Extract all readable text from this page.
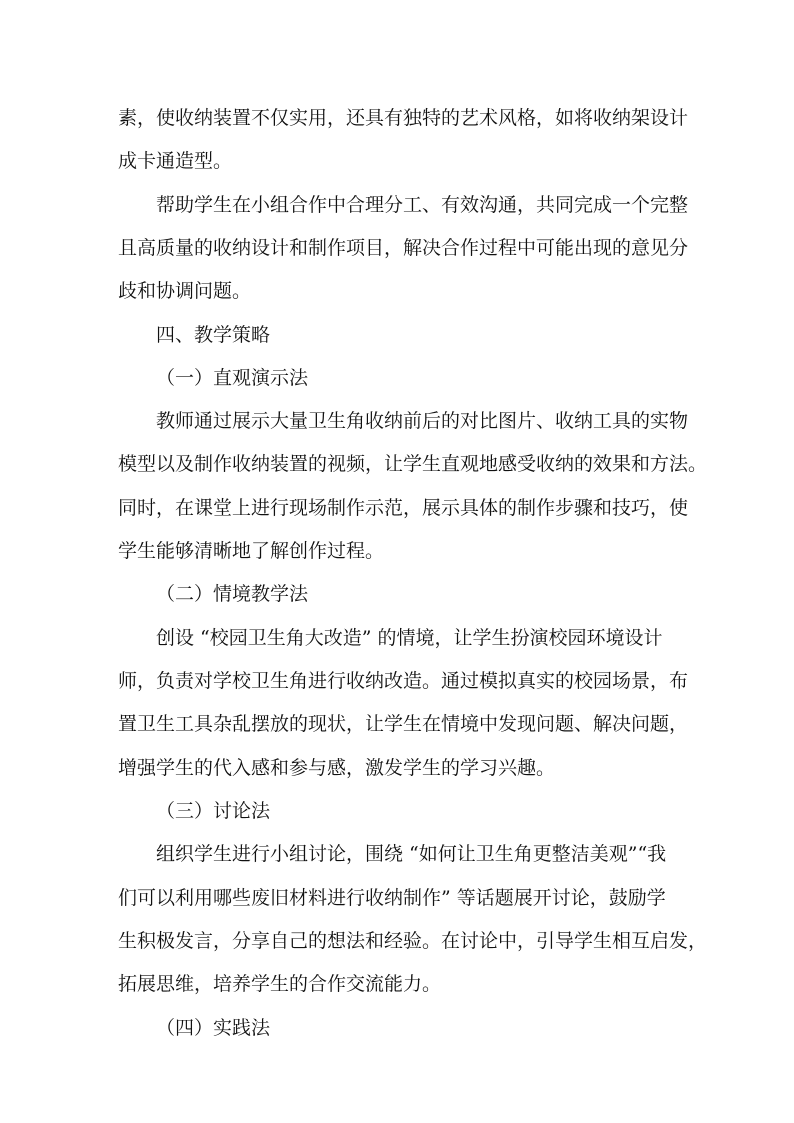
素，使收纳装置不仅实用，还具有独特的艺术风格，如将收纳架设计
成卡通造型。
帮助学生在小组合作中合理分工、有效沟通，共同完成一个完整
且高质量的收纳设计和制作项目，解决合作过程中可能出现的意见分
歧和协调问题。
四、教学策略
（一）直观演示法
教师通过展示大量卫生角收纳前后的对比图片、收纳工具的实物
模型以及制作收纳装置的视频，让学生直观地感受收纳的效果和方法。
同时，在课堂上进行现场制作示范，展示具体的制作步骤和技巧，使
学生能够清晰地了解创作过程。
（二）情境教学法
创设 “校园卫生角大改造” 的情境，让学生扮演校园环境设计
师，负责对学校卫生角进行收纳改造。通过模拟真实的校园场景，布
置卫生工具杂乱摆放的现状，让学生在情境中发现问题、解决问题，
增强学生的代入感和参与感，激发学生的学习兴趣。
（三）讨论法
组织学生进行小组讨论，围绕 “如何让卫生角更整洁美观”“我
们可以利用哪些废旧材料进行收纳制作” 等话题展开讨论，鼓励学
生积极发言，分享自己的想法和经验。在讨论中，引导学生相互启发，
拓展思维，培养学生的合作交流能力。
（四）实践法
